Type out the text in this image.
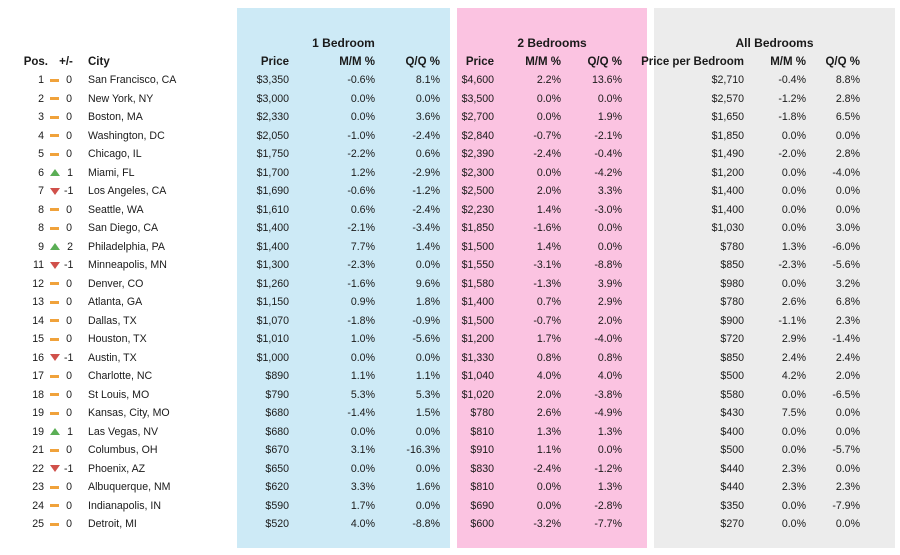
1 Bedroom	2 Bedrooms	All Bedrooms
Pos.	+/-	City	Price	M/M %	Q/Q %		Price	M/M %	Q/Q %		Price per Bedroom	M/M %	Q/Q %
1	0	San Francisco, CA	$3,350	-0.6%	8.1%		$4,600	2.2%	13.6%		$2,710	-0.4%	8.8%
2	0	New York, NY	$3,000	0.0%	0.0%		$3,500	0.0%	0.0%		$2,570	-1.2%	2.8%
3	0	Boston, MA	$2,330	0.0%	3.6%		$2,700	0.0%	1.9%		$1,650	-1.8%	6.5%
4	0	Washington, DC	$2,050	-1.0%	-2.4%		$2,840	-0.7%	-2.1%		$1,850	0.0%	0.0%
5	0	Chicago, IL	$1,750	-2.2%	0.6%		$2,390	-2.4%	-0.4%		$1,490	-2.0%	2.8%
6	1	Miami, FL	$1,700	1.2%	-2.9%		$2,300	0.0%	-4.2%		$1,200	0.0%	-4.0%
7	-1	Los Angeles, CA	$1,690	-0.6%	-1.2%		$2,500	2.0%	3.3%		$1,400	0.0%	0.0%
8	0	Seattle, WA	$1,610	0.6%	-2.4%		$2,230	1.4%	-3.0%		$1,400	0.0%	0.0%
8	0	San Diego, CA	$1,400	-2.1%	-3.4%		$1,850	-1.6%	0.0%		$1,030	0.0%	3.0%
9	2	Philadelphia, PA	$1,400	7.7%	1.4%		$1,500	1.4%	0.0%		$780	1.3%	-6.0%
11	-1	Minneapolis, MN	$1,300	-2.3%	0.0%		$1,550	-3.1%	-8.8%		$850	-2.3%	-5.6%
12	0	Denver, CO	$1,260	-1.6%	9.6%		$1,580	-1.3%	3.9%		$980	0.0%	3.2%
13	0	Atlanta, GA	$1,150	0.9%	1.8%		$1,400	0.7%	2.9%		$780	2.6%	6.8%
14	0	Dallas, TX	$1,070	-1.8%	-0.9%		$1,500	-0.7%	2.0%		$900	-1.1%	2.3%
15	0	Houston, TX	$1,010	1.0%	-5.6%		$1,200	1.7%	-4.0%		$720	2.9%	-1.4%
16	-1	Austin, TX	$1,000	0.0%	0.0%		$1,330	0.8%	0.8%		$850	2.4%	2.4%
17	0	Charlotte, NC	$890	1.1%	1.1%		$1,040	4.0%	4.0%		$500	4.2%	2.0%
18	0	St Louis, MO	$790	5.3%	5.3%		$1,020	2.0%	-3.8%		$580	0.0%	-6.5%
19	0	Kansas, City, MO	$680	-1.4%	1.5%		$780	2.6%	-4.9%		$430	7.5%	0.0%
19	1	Las Vegas, NV	$680	0.0%	0.0%		$810	1.3%	1.3%		$400	0.0%	0.0%
21	0	Columbus, OH	$670	3.1%	-16.3%		$910	1.1%	0.0%		$500	0.0%	-5.7%
22	-1	Phoenix, AZ	$650	0.0%	0.0%		$830	-2.4%	-1.2%		$440	2.3%	0.0%
23	0	Albuquerque, NM	$620	3.3%	1.6%		$810	0.0%	1.3%		$440	2.3%	2.3%
24	0	Indianapolis, IN	$590	1.7%	0.0%		$690	0.0%	-2.8%		$350	0.0%	-7.9%
25	0	Detroit, MI	$520	4.0%	-8.8%		$600	-3.2%	-7.7%		$270	0.0%	0.0%
